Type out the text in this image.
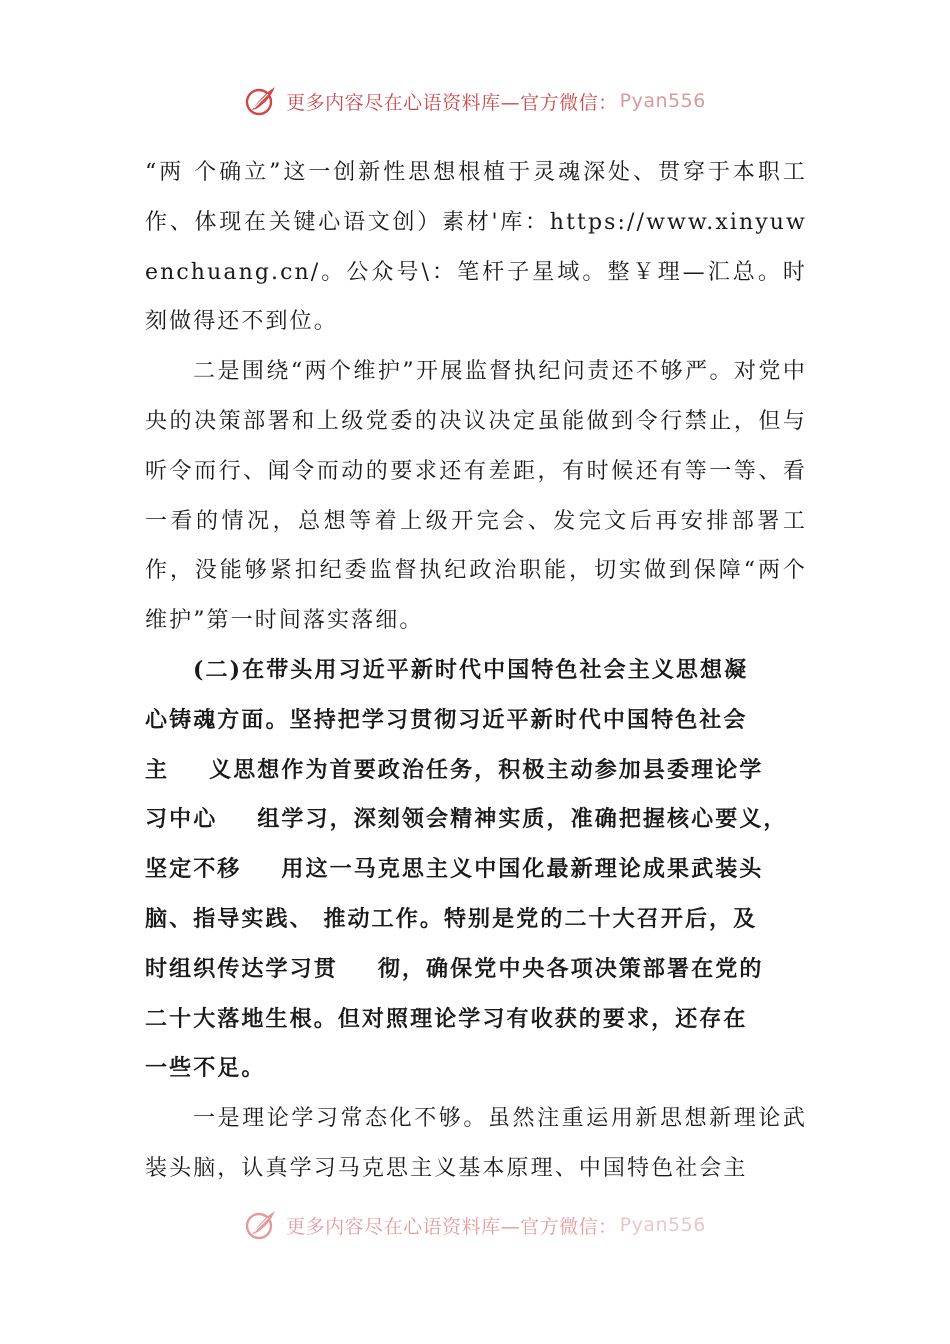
更多内容尽在心语资料库—官方微信： Pyan556

“两 个确立”这一创新性思想根植于灵魂深处、贯穿于本职工作、体现在关键心语文创）素材'库：https://www.xinyuwenchuang.cn/。公众号\：笔杆子星域。整￥理—汇总。时刻做得还不到位。

二是围绕“两个维护”开展监督执纪问责还不够严。对党中央的决策部署和上级党委的决议决定虽能做到令行禁止，但与听令而行、闻令而动的要求还有差距，有时候还有等一等、看一看的情况，总想等着上级开完会、发完文后再安排部署工作，没能够紧扣纪委监督执纪政治职能，切实做到保障“两个维护”第一时间落实落细。

(二)在带头用习近平新时代中国特色社会主义思想凝
心铸魂方面。坚持把学习贯彻习近平新时代中国特色社会
主 义思想作为首要政治任务，积极主动参加县委理论学
习中心 组学习，深刻领会精神实质，准确把握核心要义，
坚定不移 用这一马克思主义中国化最新理论成果武装头
脑、指导实践、 推动工作。特别是党的二十大召开后，及
时组织传达学习贯 彻，确保党中央各项决策部署在党的
二十大落地生根。但对照理论学习有收获的要求，还存在
一些不足。

一是理论学习常态化不够。虽然注重运用新思想新理论武装头脑，认真学习马克思主义基本原理、中国特色社会主

更多内容尽在心语资料库—官方微信： Pyan556
